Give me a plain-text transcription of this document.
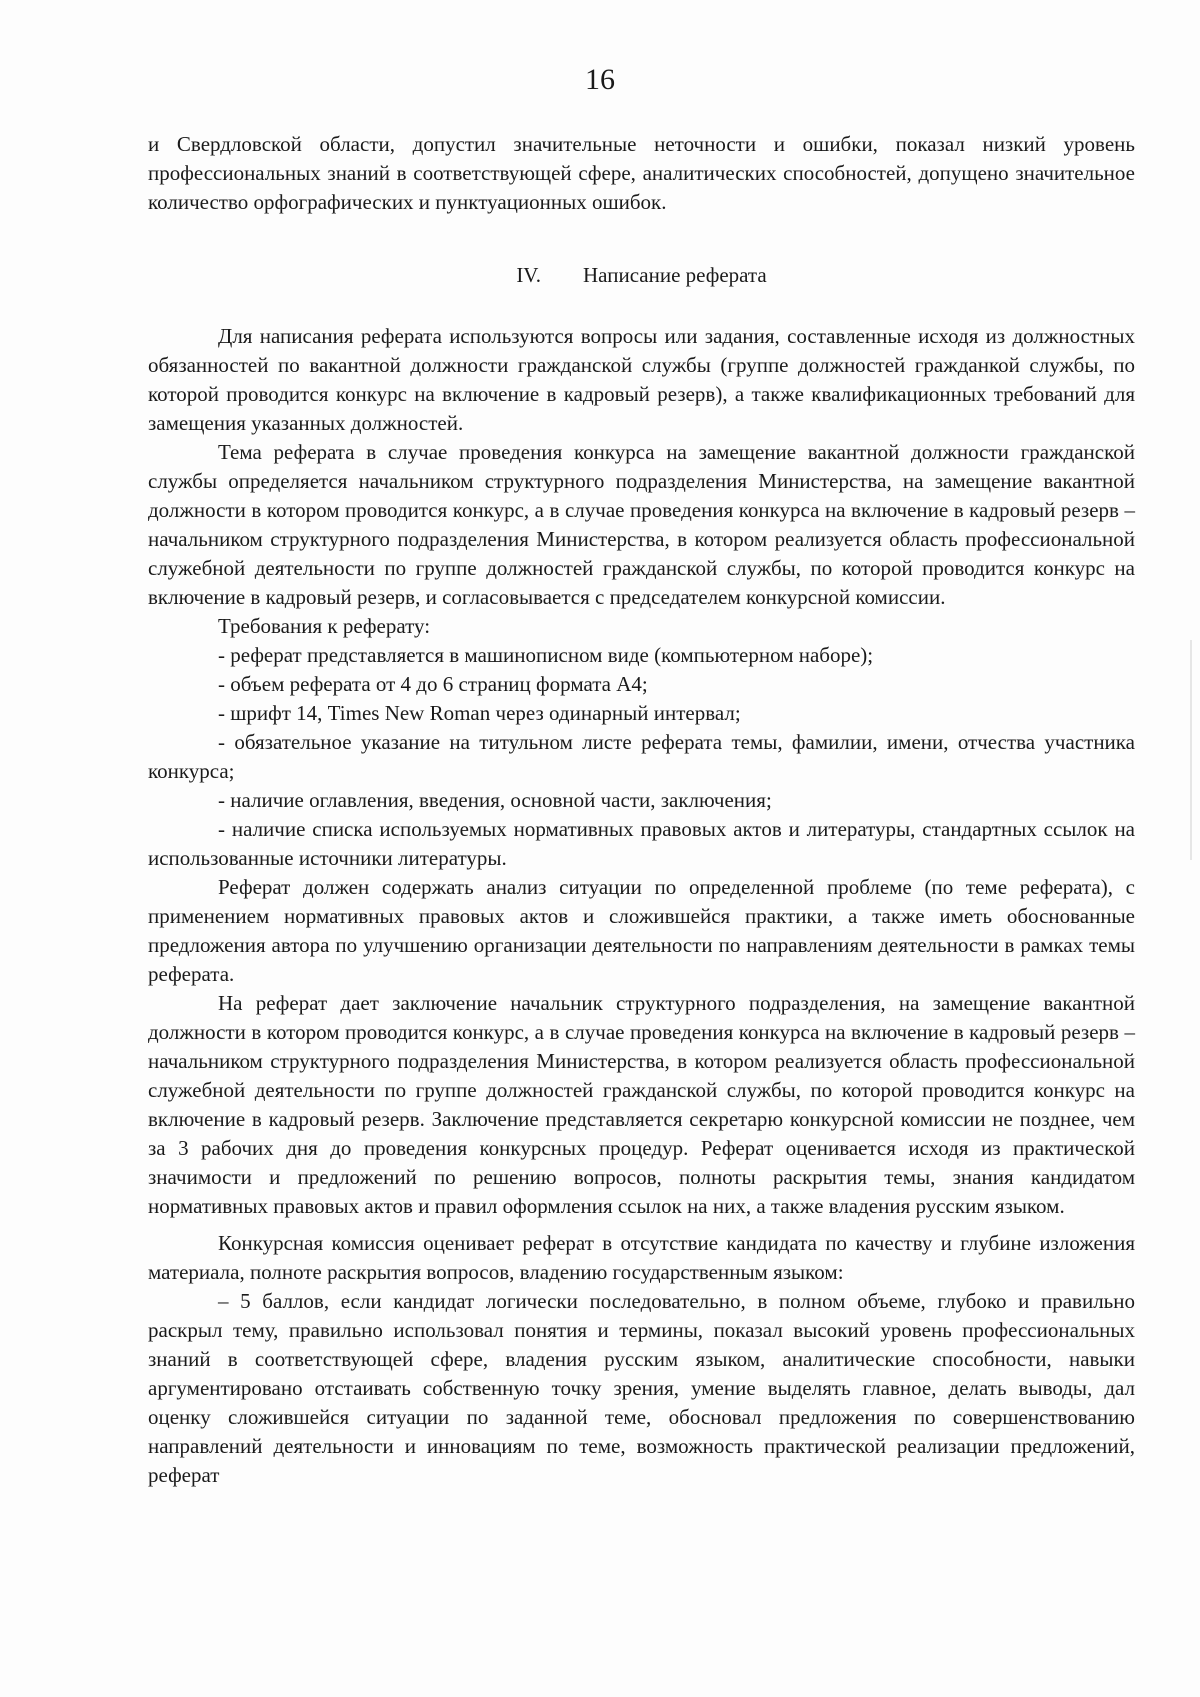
16

и Свердловской области, допустил значительные неточности и ошибки, показал низкий уровень профессиональных знаний в соответствующей сфере, аналитических способностей, допущено значительное количество орфографических и пунктуационных ошибок.

IV. Написание реферата

Для написания реферата используются вопросы или задания, составленные исходя из должностных обязанностей по вакантной должности гражданской службы (группе должностей гражданкой службы, по которой проводится конкурс на включение в кадровый резерв), а также квалификационных требований для замещения указанных должностей.

Тема реферата в случае проведения конкурса на замещение вакантной должности гражданской службы определяется начальником структурного подразделения Министерства, на замещение вакантной должности в котором проводится конкурс, а в случае проведения конкурса на включение в кадровый резерв – начальником структурного подразделения Министерства, в котором реализуется область профессиональной служебной деятельности по группе должностей гражданской службы, по которой проводится конкурс на включение в кадровый резерв, и согласовывается с председателем конкурсной комиссии.

Требования к реферату:

- реферат представляется в машинописном виде (компьютерном наборе);

- объем реферата от 4 до 6 страниц формата А4;

- шрифт 14, Times New Roman через одинарный интервал;

- обязательное указание на титульном листе реферата темы, фамилии, имени, отчества участника конкурса;

- наличие оглавления, введения, основной части, заключения;

- наличие списка используемых нормативных правовых актов и литературы, стандартных ссылок на использованные источники литературы.

Реферат должен содержать анализ ситуации по определенной проблеме (по теме реферата), с применением нормативных правовых актов и сложившейся практики, а также иметь обоснованные предложения автора по улучшению организации деятельности по направлениям деятельности в рамках темы реферата.

На реферат дает заключение начальник структурного подразделения, на замещение вакантной должности в котором проводится конкурс, а в случае проведения конкурса на включение в кадровый резерв – начальником структурного подразделения Министерства, в котором реализуется область профессиональной служебной деятельности по группе должностей гражданской службы, по которой проводится конкурс на включение в кадровый резерв. Заключение представляется секретарю конкурсной комиссии не позднее, чем за 3 рабочих дня до проведения конкурсных процедур. Реферат оценивается исходя из практической значимости и предложений по решению вопросов, полноты раскрытия темы, знания кандидатом нормативных правовых актов и правил оформления ссылок на них, а также владения русским языком.

Конкурсная комиссия оценивает реферат в отсутствие кандидата по качеству и глубине изложения материала, полноте раскрытия вопросов, владению государственным языком:

– 5 баллов, если кандидат логически последовательно, в полном объеме, глубоко и правильно раскрыл тему, правильно использовал понятия и термины, показал высокий уровень профессиональных знаний в соответствующей сфере, владения русским языком, аналитические способности, навыки аргументировано отстаивать собственную точку зрения, умение выделять главное, делать выводы, дал оценку сложившейся ситуации по заданной теме, обосновал предложения по совершенствованию направлений деятельности и инновациям по теме, возможность практической реализации предложений, реферат
